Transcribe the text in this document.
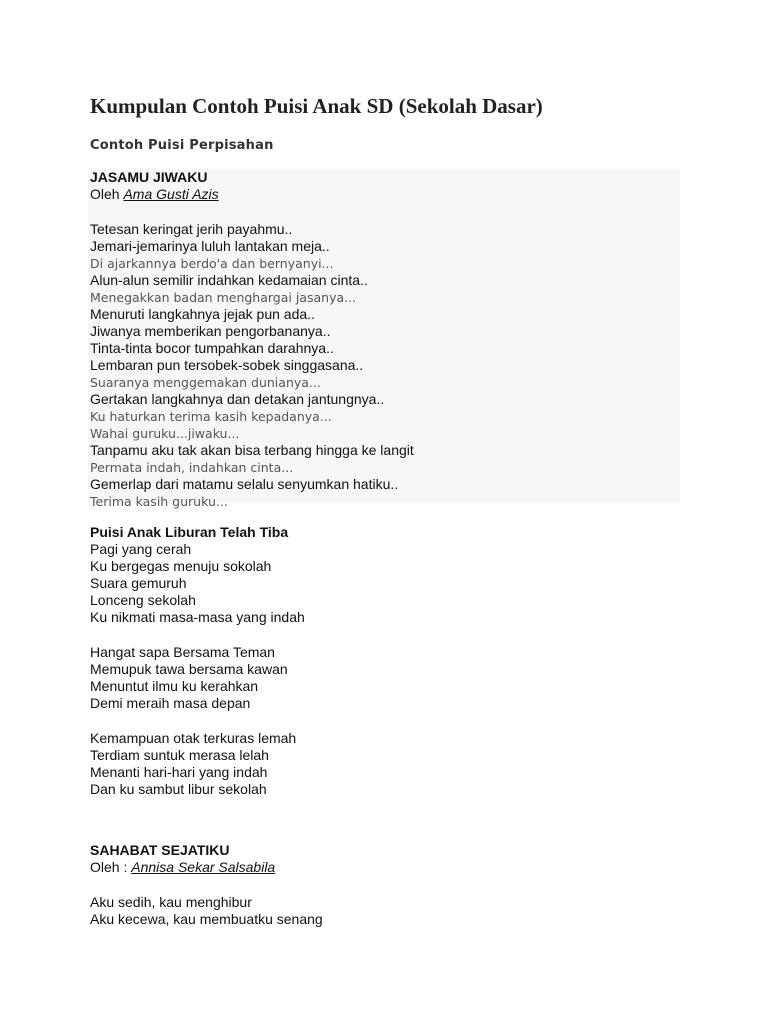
Kumpulan Contoh Puisi Anak SD (Sekolah Dasar)
Contoh Puisi Perpisahan
JASAMU JIWAKU
Oleh Ama Gusti Azis
Tetesan keringat jerih payahmu..
Jemari-jemarinya luluh lantakan meja..
Di ajarkannya berdo'a dan bernyanyi...
Alun-alun semilir indahkan kedamaian cinta..
Menegakkan badan menghargai jasanya...
Menuruti langkahnya jejak pun ada..
Jiwanya memberikan pengorbananya..
Tinta-tinta bocor tumpahkan darahnya..
Lembaran pun tersobek-sobek singgasana..
Suaranya menggemakan dunianya...
Gertakan langkahnya dan detakan jantungnya..
Ku haturkan terima kasih kepadanya...
Wahai guruku...jiwaku...
Tanpamu aku tak akan bisa terbang hingga ke langit
Permata indah, indahkan cinta...
Gemerlap dari matamu selalu senyumkan hatiku..
Terima kasih guruku...
Puisi Anak Liburan Telah Tiba
Pagi yang cerah
Ku bergegas menuju sokolah
Suara gemuruh
Lonceng sekolah
Ku nikmati masa-masa yang indah
Hangat sapa Bersama Teman
Memupuk tawa bersama kawan
Menuntut ilmu ku kerahkan
Demi meraih masa depan
Kemampuan otak terkuras lemah
Terdiam suntuk merasa lelah
Menanti hari-hari yang indah
Dan ku sambut libur sekolah
SAHABAT SEJATIKU
Oleh : Annisa Sekar Salsabila
Aku sedih, kau menghibur
Aku kecewa, kau membuatku senang
